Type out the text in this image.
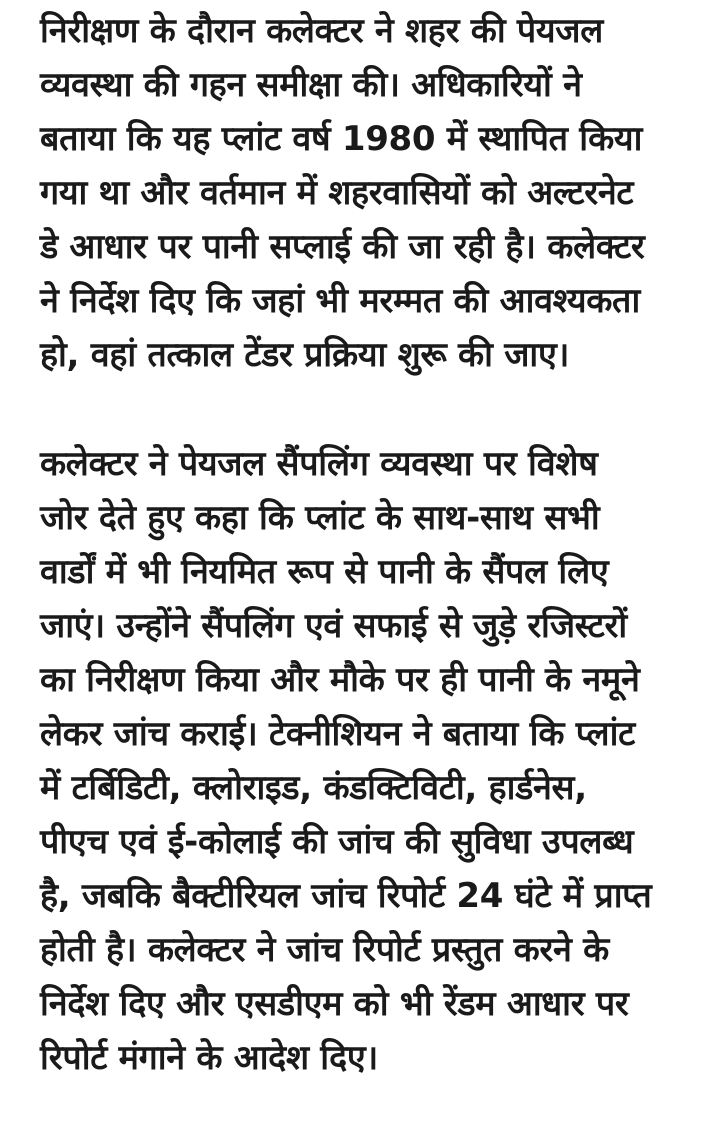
निरीक्षण के दौरान कलेक्टर ने शहर की पेयजल
व्यवस्था की गहन समीक्षा की। अधिकारियों ने
बताया कि यह प्लांट वर्ष 1980 में स्थापित किया
गया था और वर्तमान में शहरवासियों को अल्टरनेट
डे आधार पर पानी सप्लाई की जा रही है। कलेक्टर
ने निर्देश दिए कि जहां भी मरम्मत की आवश्यकता
हो, वहां तत्काल टेंडर प्रक्रिया शुरू की जाए।

कलेक्टर ने पेयजल सैंपलिंग व्यवस्था पर विशेष
जोर देते हुए कहा कि प्लांट के साथ-साथ सभी
वार्डों में भी नियमित रूप से पानी के सैंपल लिए
जाएं। उन्होंने सैंपलिंग एवं सफाई से जुड़े रजिस्टरों
का निरीक्षण किया और मौके पर ही पानी के नमूने
लेकर जांच कराई। टेक्नीशियन ने बताया कि प्लांट
में टर्बिडिटी, क्लोराइड, कंडक्टिविटी, हार्डनेस,
पीएच एवं ई-कोलाई की जांच की सुविधा उपलब्ध
है, जबकि बैक्टीरियल जांच रिपोर्ट 24 घंटे में प्राप्त
होती है। कलेक्टर ने जांच रिपोर्ट प्रस्तुत करने के
निर्देश दिए और एसडीएम को भी रेंडम आधार पर
रिपोर्ट मंगाने के आदेश दिए।
